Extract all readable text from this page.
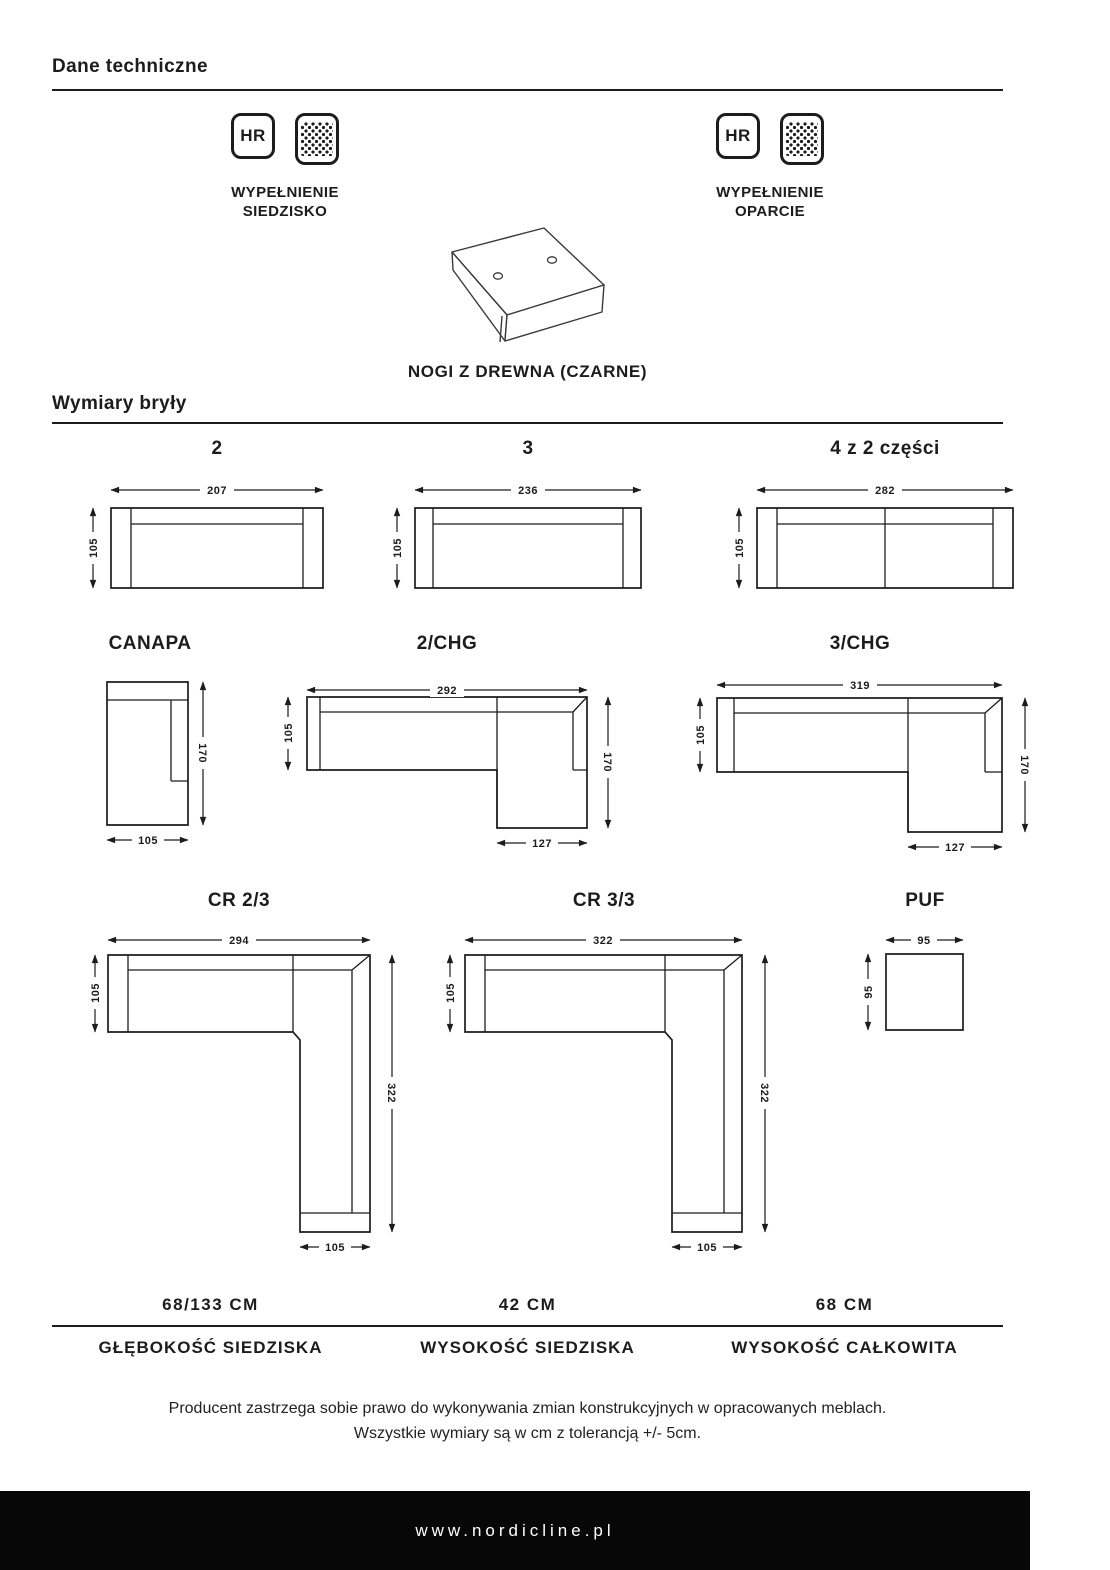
Dane techniczne
HR
WYPEŁNIENIE
SIEDZISKO
HR
WYPEŁNIENIE
OPARCIE
NOGI Z DREWNA (CZARNE)
Wymiary bryły
2	3	4 z 2 części
207
105
236
105
282
105
CANAPA	2/CHG	3/CHG
170
105
292
105
170
127
319
105
170
127
CR 2/3	CR 3/3	PUF
294
105
322
105
322
105
322
105
95
95
68/133 CM	42 CM	68 CM
GŁĘBOKOŚĆ SIEDZISKA	WYSOKOŚĆ SIEDZISKA	WYSOKOŚĆ CAŁKOWITA
Producent zastrzega sobie prawo do wykonywania zmian konstrukcyjnych w opracowanych meblach.
Wszystkie wymiary są w cm z tolerancją +/- 5cm.
www.nordicline.pl
